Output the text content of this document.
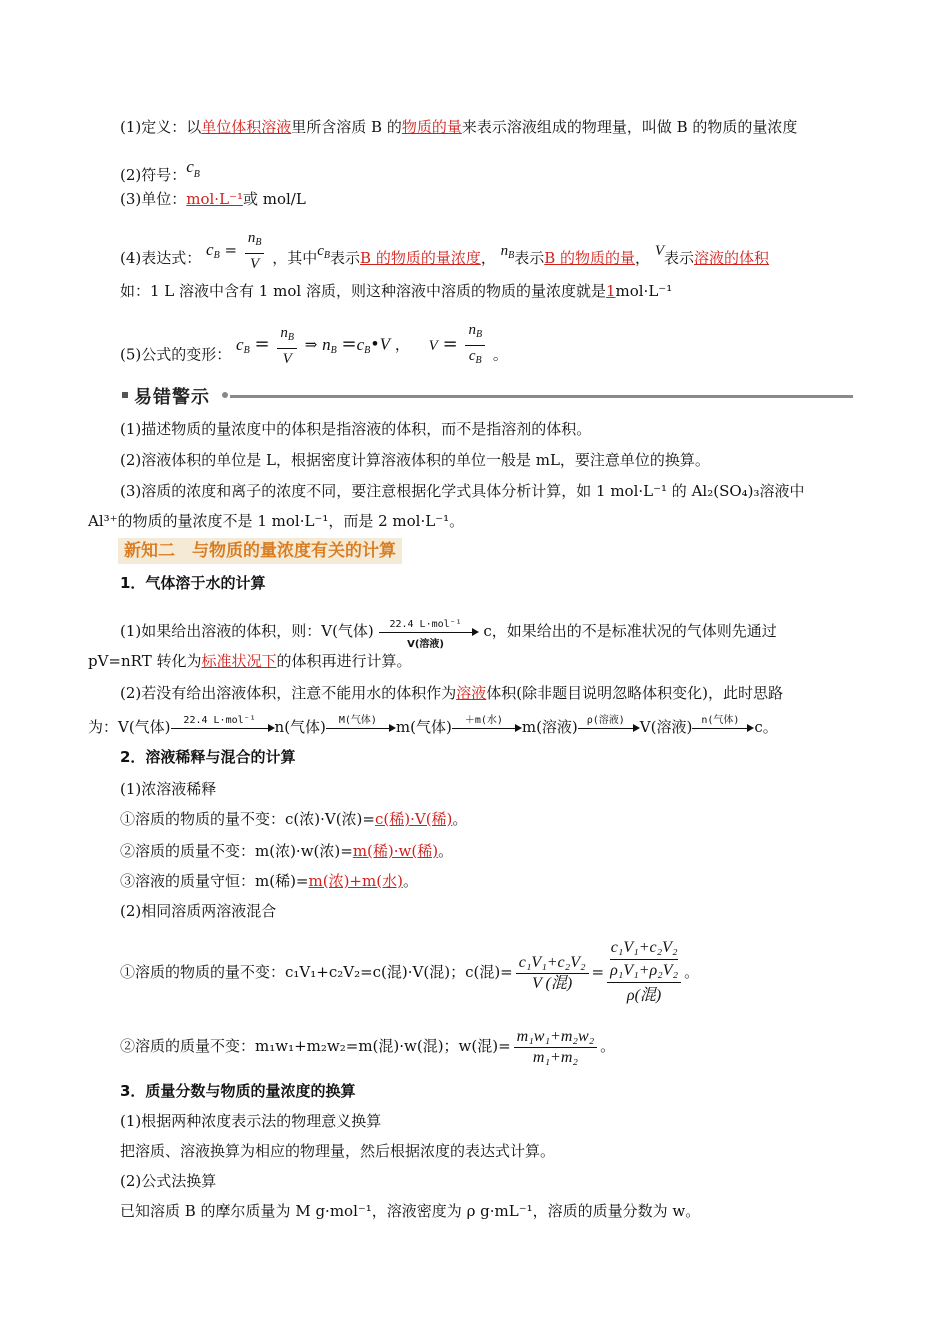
(1)定义：以单位体积溶液里所含溶质 B 的物质的量来表示溶液组成的物理量，叫做 B 的物质的量浓度
(2)符号：$c^B$
(3)单位：mol·L⁻¹或 mol/L
(4)表达式： $c_B = \frac{n_B}{V}$ ，其中$c_B$表示B 的物质的量浓度， $n_B$表示B 的物质的量， V表示溶液的体积
如：1 L 溶液中含有 1 mol 溶质，则这种溶液中溶质的物质的量浓度就是1mol·L⁻¹
(5)公式的变形： $c_B = \frac{n_B}{V}$ ⇒ $n_B$ $=c_B•V$ ， $V = \frac{n_B}{c_B}$ 。
易错警示
(1)描述物质的量浓度中的体积是指溶液的体积，而不是指溶剂的体积。
(2)溶液体积的单位是 L，根据密度计算溶液体积的单位一般是 mL，要注意单位的换算。
(3)溶质的浓度和离子的浓度不同，要注意根据化学式具体分析计算，如 1 mol·L⁻¹ 的 Al₂(SO₄)₃溶液中
Al³⁺的物质的量浓度不是 1 mol·L⁻¹，而是 2 mol·L⁻¹。
新知二　与物质的量浓度有关的计算
1．气体溶于水的计算
(1)如果给出溶液的体积，则：V(气体)	22.4 L·mol⁻¹
V(溶液)
c，如果给出的不是标准状况的气体则先通过
pV=nRT 转化为标准状况下的体积再进行计算。
(2)若没有给出溶液体积，注意不能用水的体积作为溶液体积(除非题目说明忽略体积变化)，此时思路
为：V(气体)	22.4 L·mol⁻¹	n(气体)	M(气体)	m(气体)	＋m(水)	m(溶液) ρ(溶液) V(溶液) n(气体) c。
2．溶液稀释与混合的计算
(1)浓溶液稀释
①溶质的物质的量不变：c(浓)·V(浓)=c(稀)·V(稀)。
②溶质的质量不变：m(浓)·w(浓)=m(稀)·w(稀)。
③溶液的质量守恒：m(稀)=m(浓)+m(水)。
(2)相同溶质两溶液混合
①溶质的物质的量不变：c₁V₁+c₂V₂=c(混)·V(混)；c(混)= $\frac{\text{c₁V₁+c₂V₂}}{\text{V (混)}}$ =
c₁V₁+c₂V₂
ρ₁V₁+ρ₂V₂
ρ(混)
。
②溶质的质量不变：m₁w₁+m₂w₂=m(混)·w(混)；w(混)= $\frac{\text{m₁w₁+m₂w₂}}{\text{m₁+m₂}}$ 。
3．质量分数与物质的量浓度的换算
(1)根据两种浓度表示法的物理意义换算
把溶质、溶液换算为相应的物理量，然后根据浓度的表达式计算。
(2)公式法换算
已知溶质 B 的摩尔质量为 M g·mol⁻¹，溶液密度为 ρ g·mL⁻¹，溶质的质量分数为 w。
